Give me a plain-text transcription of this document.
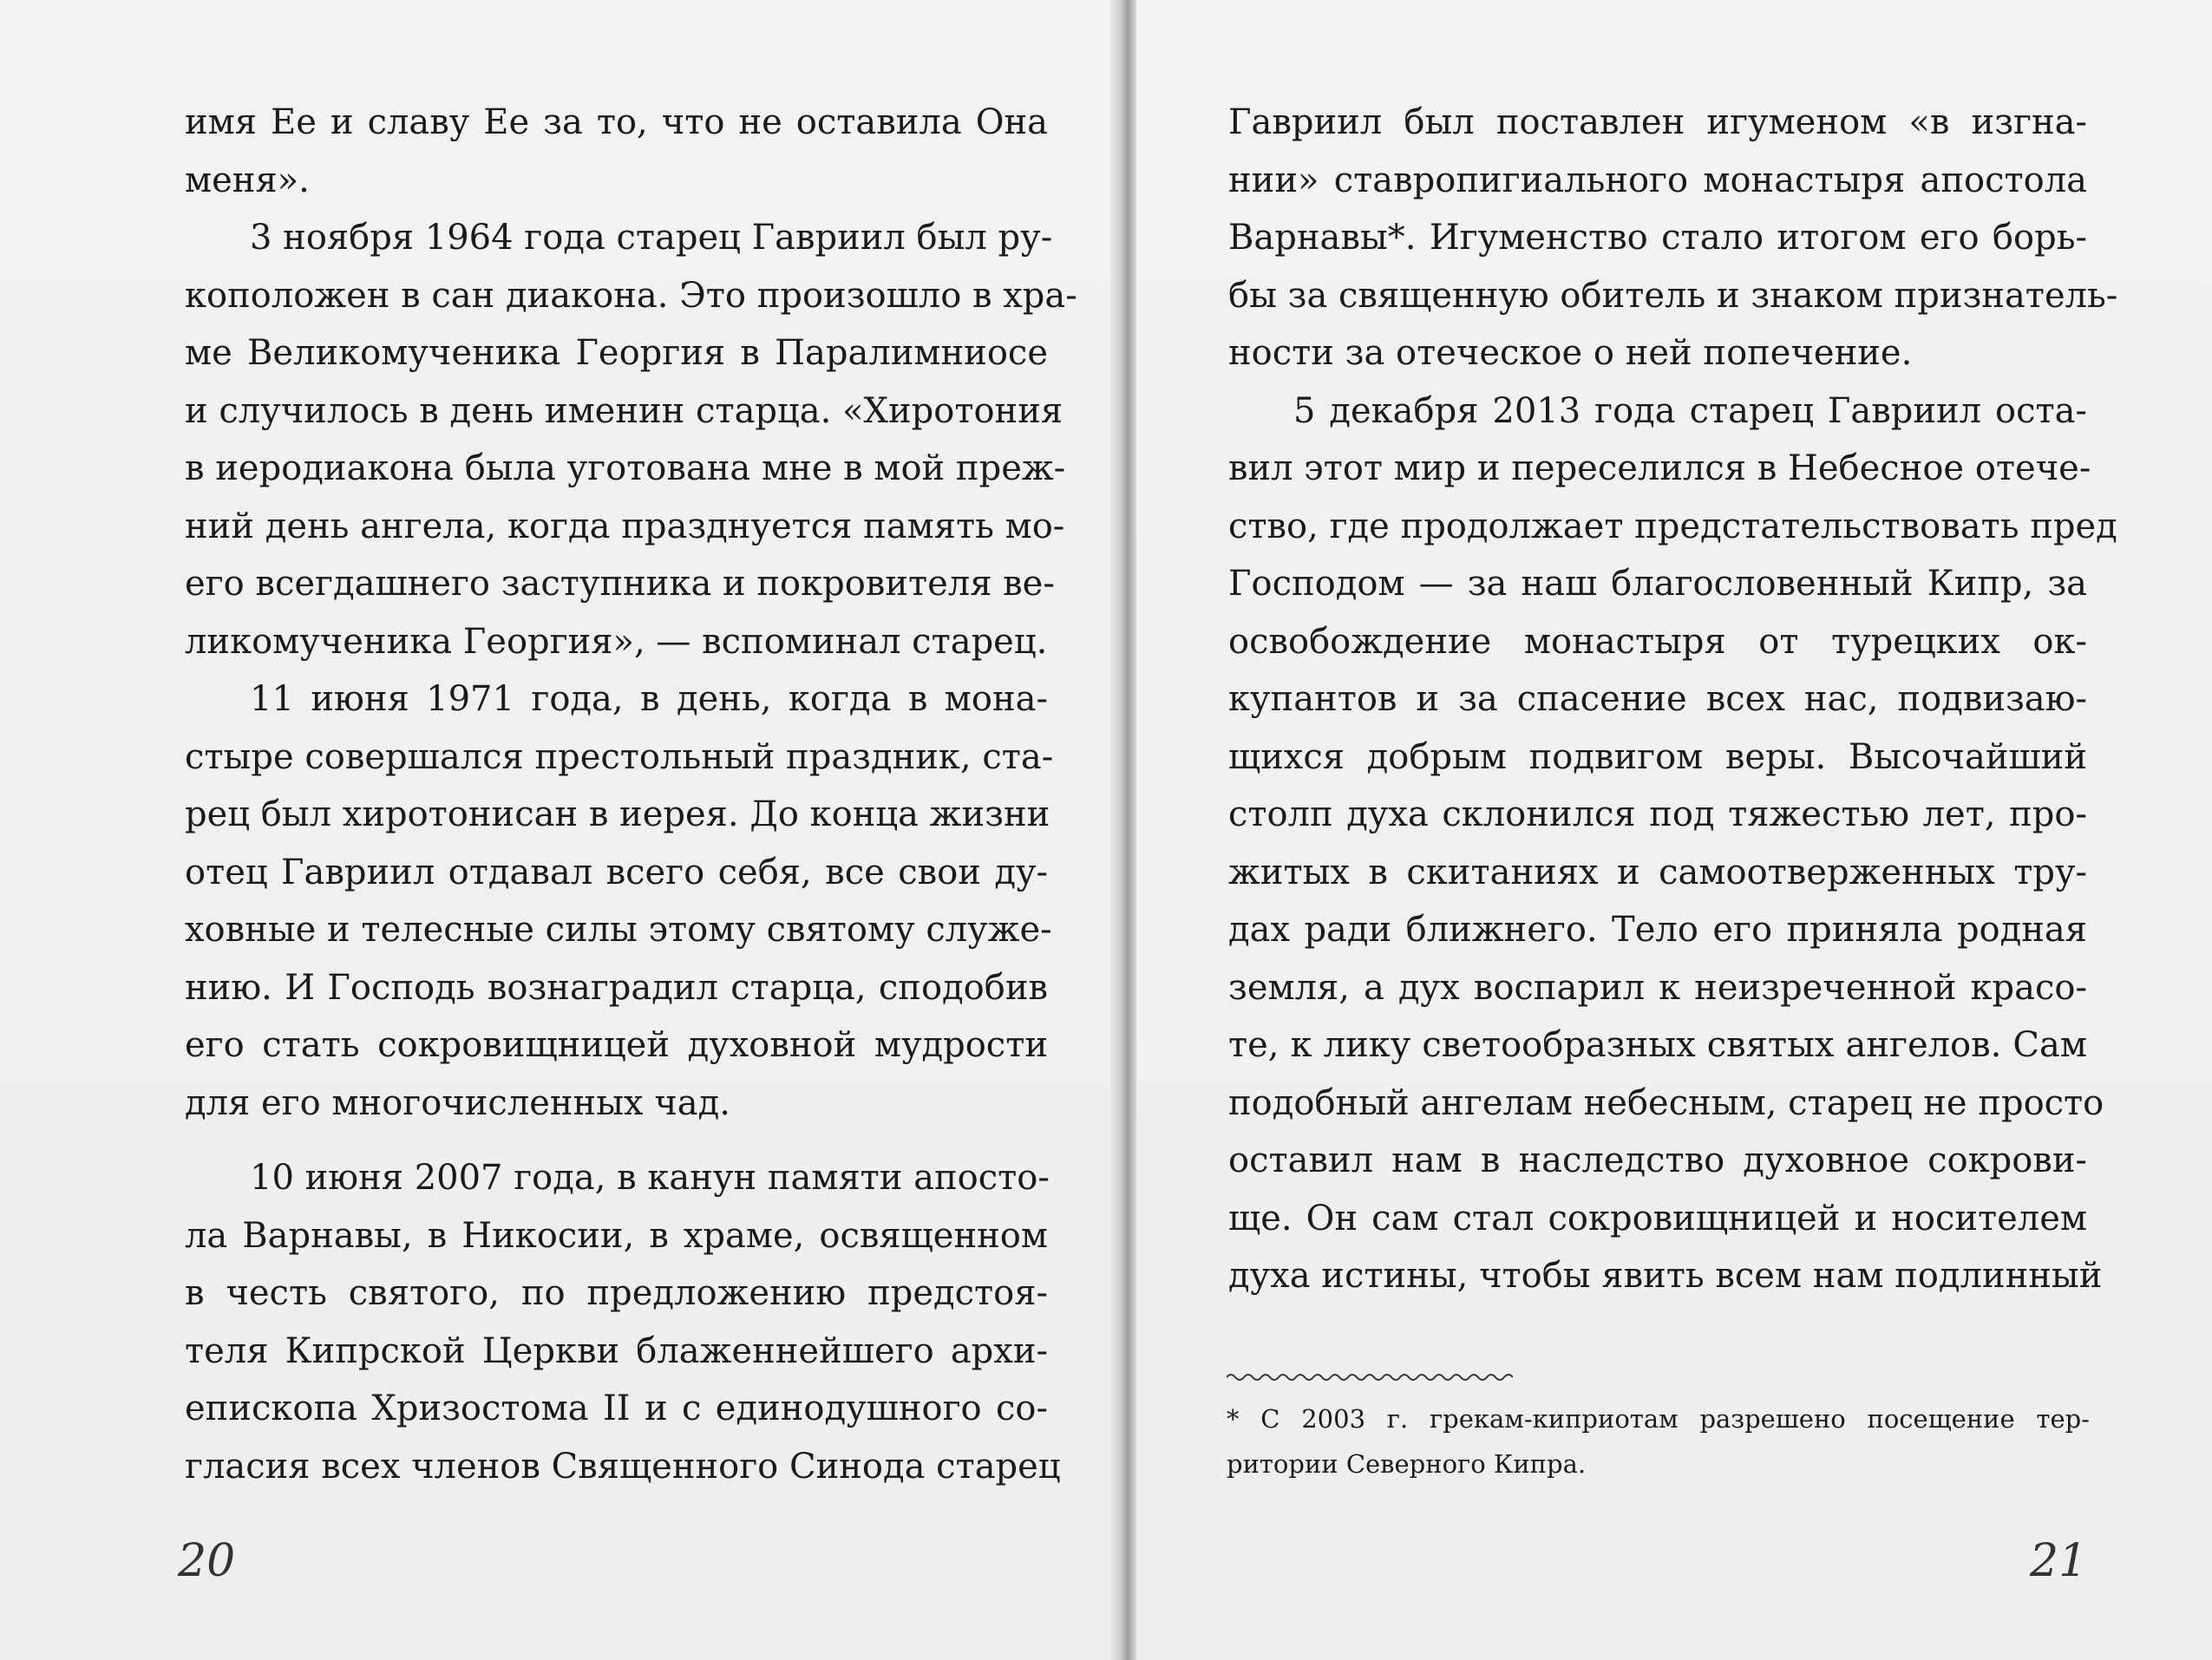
имя Ее и славу Ее за то, что не оставила Она
меня».
3 ноября 1964 года старец Гавриил был ру-
коположен в сан диакона. Это произошло в хра-
ме Великомученика Георгия в Паралимниосе
и случилось в день именин старца. «Хиротония
в иеродиакона была уготована мне в мой преж-
ний день ангела, когда празднуется память мо-
его всегдашнего заступника и покровителя ве-
ликомученика Георгия», — вспоминал старец.
11 июня 1971 года, в день, когда в мона-
стыре совершался престольный праздник, ста-
рец был хиротонисан в иерея. До конца жизни
отец Гавриил отдавал всего себя, все свои ду-
ховные и телесные силы этому святому служе-
нию. И Господь вознаградил старца, сподобив
его стать сокровищницей духовной мудрости
для его многочисленных чад.
10 июня 2007 года, в канун памяти aпосто-
ла Варнавы, в Никосии, в храме, освященном
в честь святого, по предложению предстоя-
теля Кипрской Церкви блаженнейшего архи-
епископа Хризостома II и с единодушного со-
гласия всех членов Священного Синода старец
20
Гавриил был поставлен игуменом «в изгна-
нии» ставропигиального монастыря апостола
Варнавы*. Игуменство стало итогом его борь-
бы за священную обитель и знаком признатель-
ности за отеческое о ней попечение.
5 декабря 2013 года старец Гавриил оста-
вил этот мир и переселился в Небесное отече-
ство, где продолжает предстательствовать пред
Господом — за наш благословенный Кипр, за
освобождение монастыря от турецких ок-
купантов и за спасение всех нас, подвизаю-
щихся добрым подвигом веры. Высочайший
столп духа склонился под тяжестью лет, про-
житых в скитаниях и самоотверженных тру-
дах ради ближнего. Тело его приняла родная
земля, а дух воспарил к неизреченной красо-
те, к лику светообразных святых ангелов. Сам
подобный ангелам небесным, старец не просто
оставил нам в наследство духовное сокрови-
ще. Он сам стал сокровищницей и носителем
духа истины, чтобы явить всем нам подлинный
* С 2003 г. грекам-киприотам разрешено посещение тер-
ритории Северного Кипра.
21
